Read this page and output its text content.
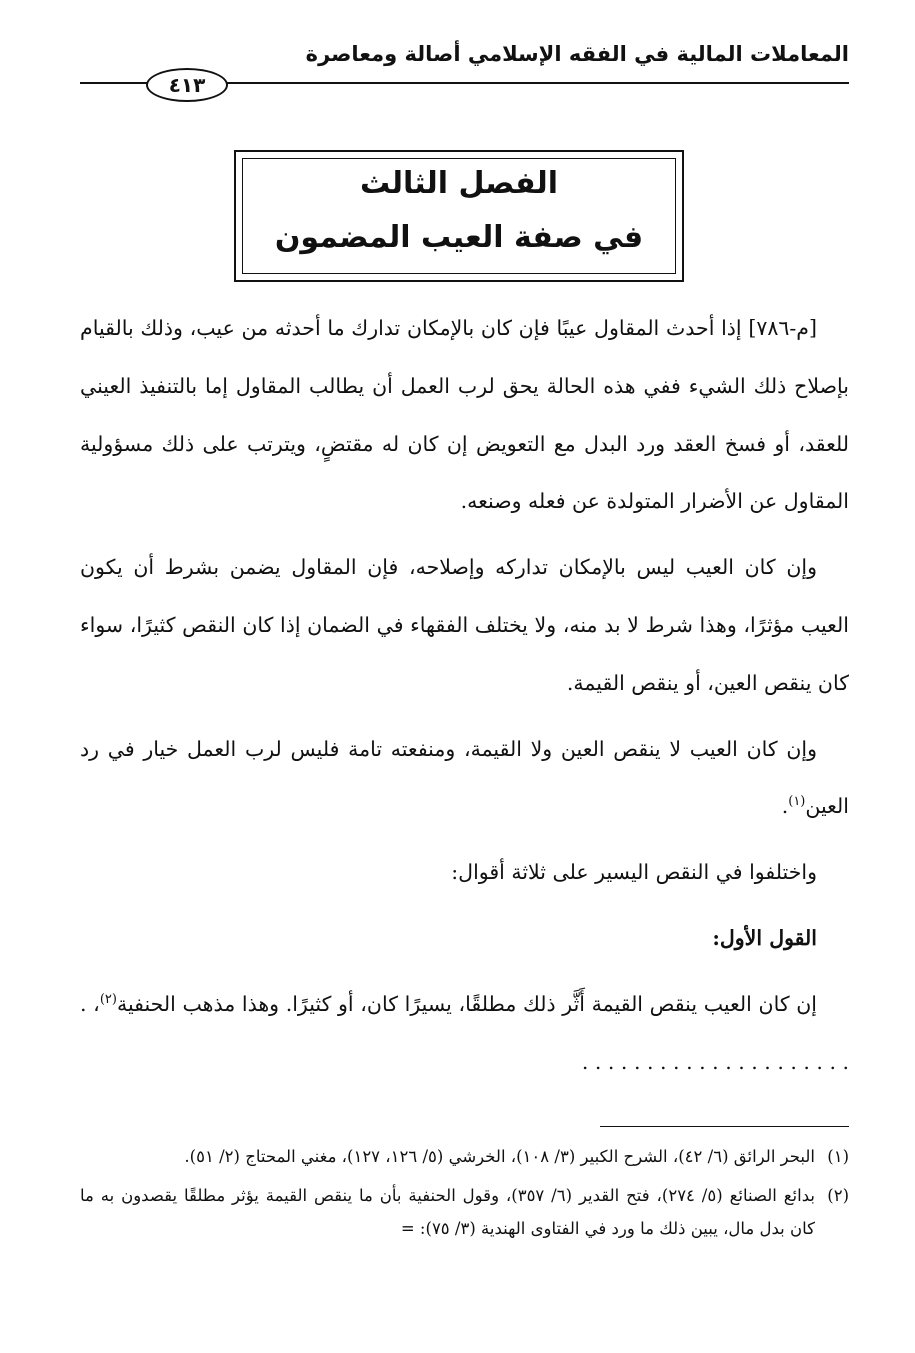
المعاملات المالية في الفقه الإسلامي أصالة ومعاصرة
٤١٣
الفصل الثالث
في صفة العيب المضمون

[م-٧٨٦] إذا أحدث المقاول عيبًا فإن كان بالإمكان تدارك ما أحدثه من عيب، وذلك بالقيام بإصلاح ذلك الشيء ففي هذه الحالة يحق لرب العمل أن يطالب المقاول إما بالتنفيذ العيني للعقد، أو فسخ العقد ورد البدل مع التعويض إن كان له مقتضٍ، ويترتب على ذلك مسؤولية المقاول عن الأضرار المتولدة عن فعله وصنعه.

وإن كان العيب ليس بالإمكان تداركه وإصلاحه، فإن المقاول يضمن بشرط أن يكون العيب مؤثرًا، وهذا شرط لا بد منه، ولا يختلف الفقهاء في الضمان إذا كان النقص كثيرًا، سواء كان ينقص العين، أو ينقص القيمة.

وإن كان العيب لا ينقص العين ولا القيمة، ومنفعته تامة فليس لرب العمل خيار في رد العين$^{(١)}$.

واختلفوا في النقص اليسير على ثلاثة أقوال:

القول الأول:

إن كان العيب ينقص القيمة أَثَّر ذلك مطلقًا، يسيرًا كان، أو كثيرًا. وهذا مذهب الحنفية$^{(٢)}$، . . . . . . . . . . . . . . . . . . . . . .

(١)
البحر الرائق (٦/ ٤٢)، الشرح الكبير (٣/ ١٠٨)، الخرشي (٥/ ١٢٦، ١٢٧)، مغني المحتاج (٢/ ٥١).
(٢)
بدائع الصنائع (٥/ ٢٧٤)، فتح القدير (٦/ ٣٥٧)، وقول الحنفية بأن ما ينقص القيمة يؤثر مطلقًا يقصدون به ما كان بدل مال، يبين ذلك ما ورد في الفتاوى الهندية (٣/ ٧٥): =
